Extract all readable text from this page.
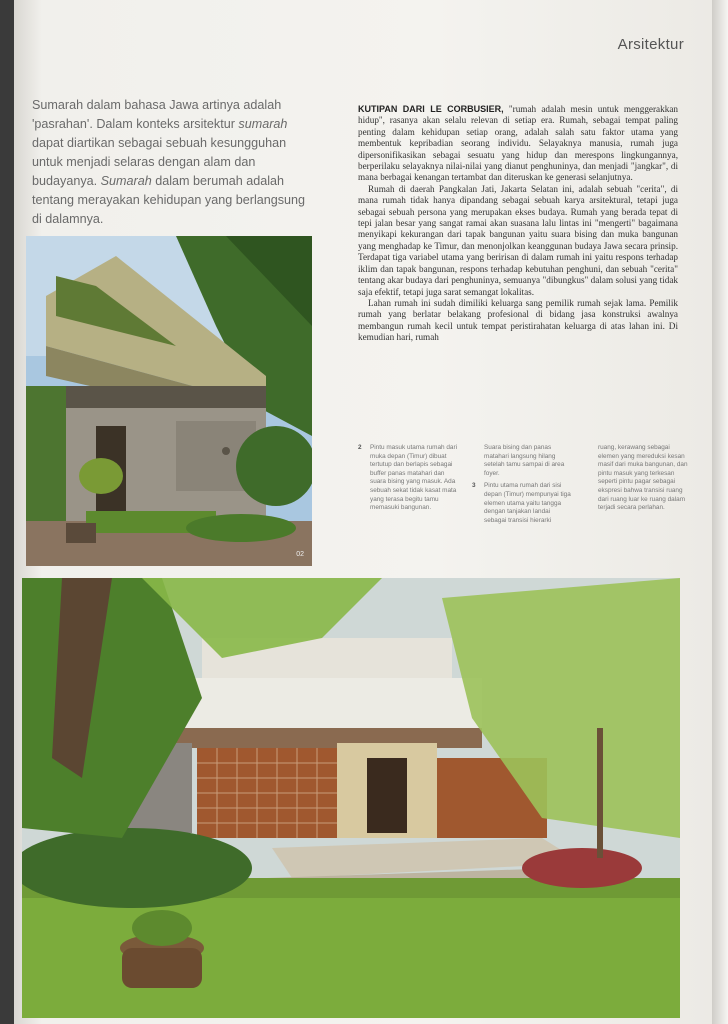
Arsitektur
Sumarah dalam bahasa Jawa artinya adalah
'pasrahan'. Dalam konteks arsitektur sumarah
dapat diartikan sebagai sebuah kesungguhan
untuk menjadi selaras dengan alam dan
budayanya. Sumarah dalam berumah adalah
tentang merayakan kehidupan yang berlangsung
di dalamnya.

KUTIPAN DARI LE CORBUSIER, "rumah adalah mesin untuk menggerakkan hidup", rasanya akan selalu relevan di setiap era. Rumah, sebagai tempat paling penting dalam kehidupan setiap orang, adalah salah satu faktor utama yang membentuk kepribadian seorang individu. Selayaknya manusia, rumah juga dipersonifikasikan sebagai sesuatu yang hidup dan merespons lingkungannya, berperilaku selayaknya nilai-nilai yang dianut penghuninya, dan menjadi "jangkar", di mana berbagai kenangan tertambat dan diteruskan ke generasi selanjutnya.

Rumah di daerah Pangkalan Jati, Jakarta Selatan ini, adalah sebuah "cerita", di mana rumah tidak hanya dipandang sebagai sebuah karya arsitektural, tetapi juga sebagai sebuah persona yang merupakan ekses budaya. Rumah yang berada tepat di tepi jalan besar yang sangat ramai akan suasana lalu lintas ini "mengerti" bagaimana menyikapi kekurangan dari tapak bangunan yaitu suara bising dan muka bangunan yang menghadap ke Timur, dan menonjolkan keanggunan budaya Jawa secara prinsip. Terdapat tiga variabel utama yang beririsan di dalam rumah ini yaitu respons terhadap iklim dan tapak bangunan, respons terhadap kebutuhan penghuni, dan sebuah "cerita" tentang akar budaya dari penghuninya, semuanya "dibungkus" dalam solusi yang tidak saja efektif, tetapi juga sarat semangat lokalitas.

Lahan rumah ini sudah dimiliki keluarga sang pemilik rumah sejak lama. Pemilik rumah yang berlatar belakang profesional di bidang jasa konstruksi awalnya membangun rumah kecil untuk tempat peristirahatan keluarga di atas lahan ini. Di kemudian hari, rumah

2	Pintu masuk utama rumah dari muka depan (Timur) dibuat tertutup dan berlapis sebagai buffer panas matahari dan suara bising yang masuk. Ada sebuah sekat tidak kasat mata yang terasa begitu tamu memasuki bangunan.
Suara bising dan panas matahari langsung hilang setelah tamu sampai di area foyer.
3	Pintu utama rumah dari sisi depan (Timur) mempunyai tiga elemen utama yaitu tangga dengan tanjakan landai sebagai transisi hierarki
ruang, kerawang sebagai elemen yang mereduksi kesan masif dari muka bangunan, dan pintu masuk yang terkesan seperti pintu pagar sebagai ekspresi bahwa transisi ruang dari ruang luar ke ruang dalam terjadi secara perlahan.
02
